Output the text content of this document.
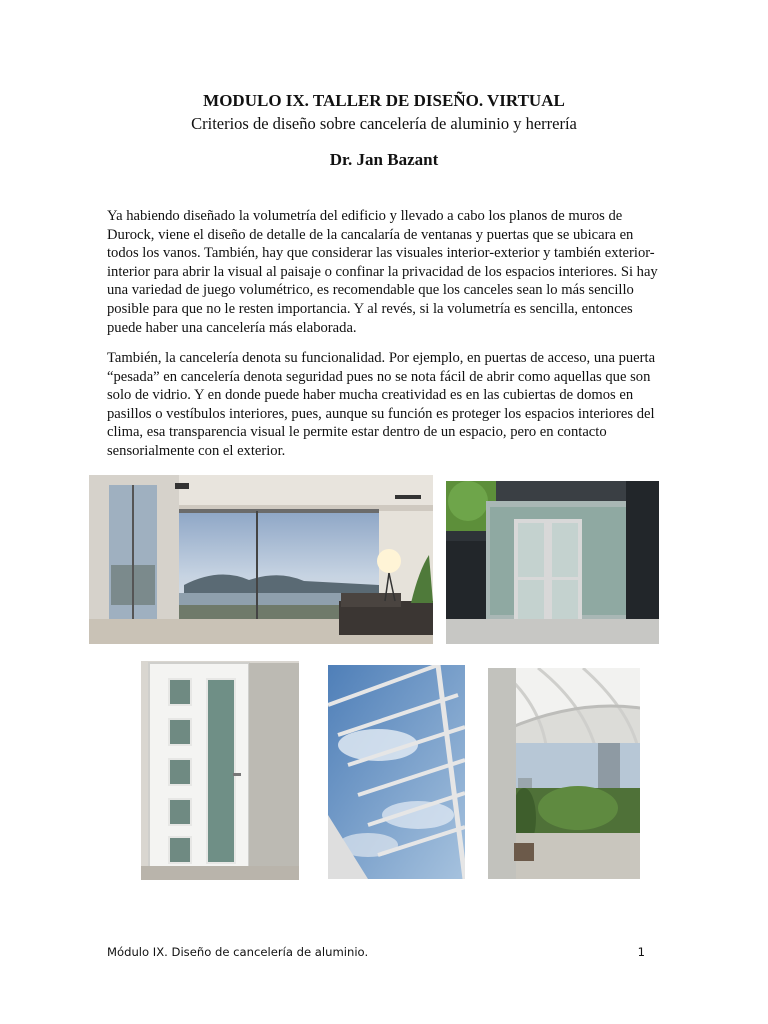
MODULO IX. TALLER DE DISEÑO. VIRTUAL
Criterios de diseño sobre cancelería de aluminio y herrería
Dr. Jan Bazant

Ya habiendo diseñado la volumetría del edificio y llevado a cabo los planos de muros de Durock, viene el diseño de detalle de la cancalaría de ventanas y puertas que se ubicara en todos los vanos. También, hay que considerar las visuales interior-exterior y también exterior-interior para abrir la visual al paisaje o confinar la privacidad de los espacios interiores. Si hay una variedad de juego volumétrico, es recomendable que los canceles sean lo más sencillo posible para que no le resten importancia. Y al revés, si la volumetría es sencilla, entonces puede haber una cancelería más elaborada.

También, la cancelería denota su funcionalidad. Por ejemplo, en puertas de acceso, una puerta “pesada” en cancelería denota seguridad pues no se nota fácil de abrir como aquellas que son solo de vidrio. Y en donde puede haber mucha creatividad es en las cubiertas de domos en pasillos o vestíbulos interiores, pues, aunque su función es proteger los espacios interiores del clima, esa transparencia visual le permite estar dentro de un espacio, pero en contacto sensorialmente con el exterior.

Módulo IX. Diseño de cancelería de aluminio.	1
